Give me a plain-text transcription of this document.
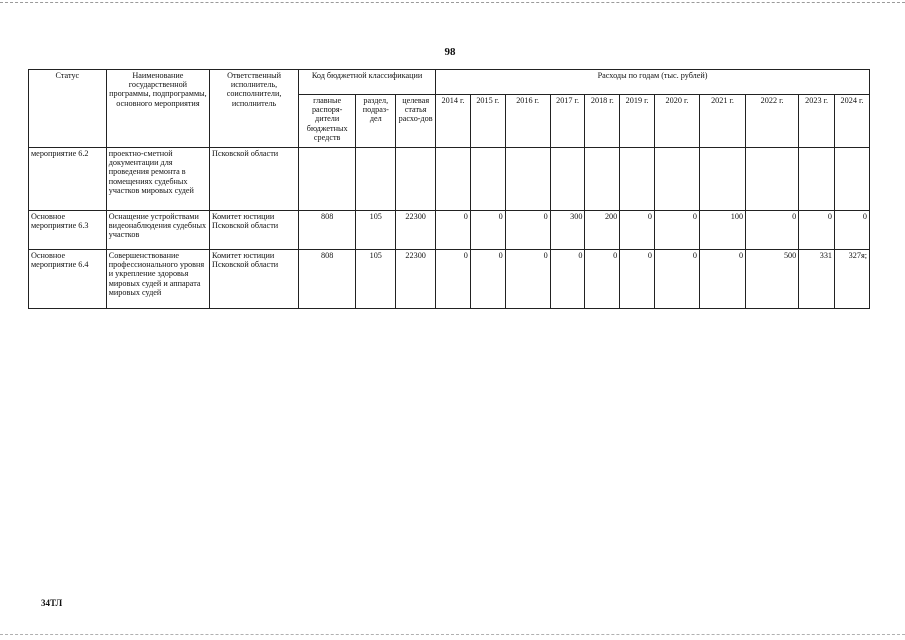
98
Статус	Наименование государственной программы, подпрограммы, основного мероприятия	Ответственный исполнитель, соисполнители, исполнитель	Код бюджетной классификации			Расходы по годам (тыс. рублей)										
			главные распоря-дители бюджетных средств	раздел, подраз-дел	целевая статья расхо-дов	2014 г.	2015 г.	2016 г.	2017 г.	2018 г.	2019 г.	2020 г.	2021 г.	2022 г.	2023 г.	2024 г.
мероприятие 6.2	проектно-сметной документации для проведения ремонта в помещениях судебных участков мировых судей	Псковской области														
Основное мероприятие 6.3	Оснащение устройствами видеонаблюдения судебных участков	Комитет юстиции Псковской области	808	105	22300	0	0	0	300	200	0	0	100	0	0	0
Основное мероприятие 6.4	Совершенствование профессионального уровня и укрепление здоровья мировых судей и аппарата мировых судей	Комитет юстиции Псковской области	808	105	22300	0	0	0	0	0	0	0	0	500	331	327я;
34ТЛ
